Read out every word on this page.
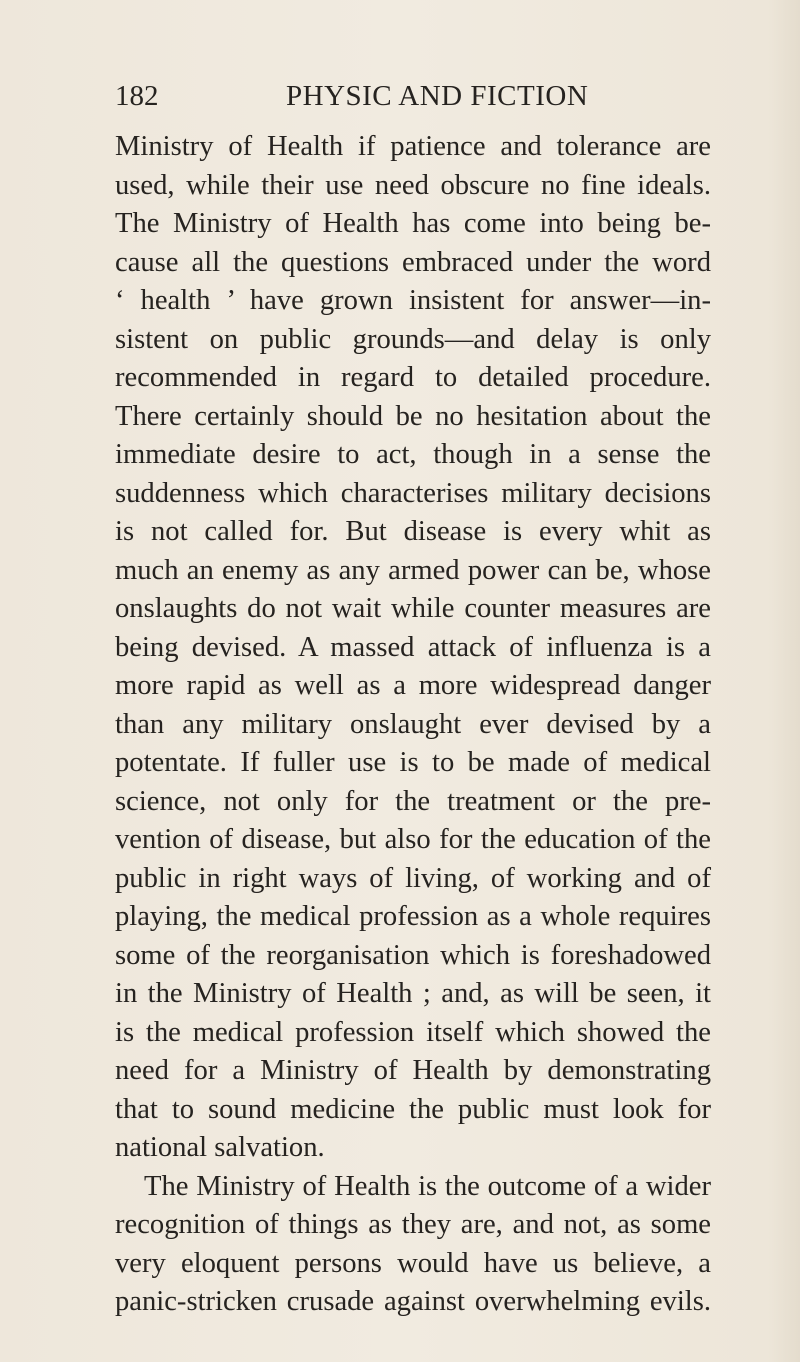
182	PHYSIC AND FICTION
Ministry of Health if patience and tolerance are
used, while their use need obscure no fine ideals.
The Ministry of Health has come into being be-
cause all the questions embraced under the word
‘ health ’ have grown insistent for answer—in-
sistent on public grounds—and delay is only
recommended in regard to detailed procedure.
There certainly should be no hesitation about the
immediate desire to act, though in a sense the
suddenness which characterises military decisions
is not called for. But disease is every whit as
much an enemy as any armed power can be, whose
onslaughts do not wait while counter measures are
being devised. A massed attack of influenza is a
more rapid as well as a more widespread danger
than any military onslaught ever devised by a
potentate. If fuller use is to be made of medical
science, not only for the treatment or the pre-
vention of disease, but also for the education of the
public in right ways of living, of working and of
playing, the medical profession as a whole requires
some of the reorganisation which is foreshadowed
in the Ministry of Health ; and, as will be seen, it
is the medical profession itself which showed the
need for a Ministry of Health by demonstrating
that to sound medicine the public must look for
national salvation.
The Ministry of Health is the outcome of a wider
recognition of things as they are, and not, as some
very eloquent persons would have us believe, a
panic-stricken crusade against overwhelming evils.
